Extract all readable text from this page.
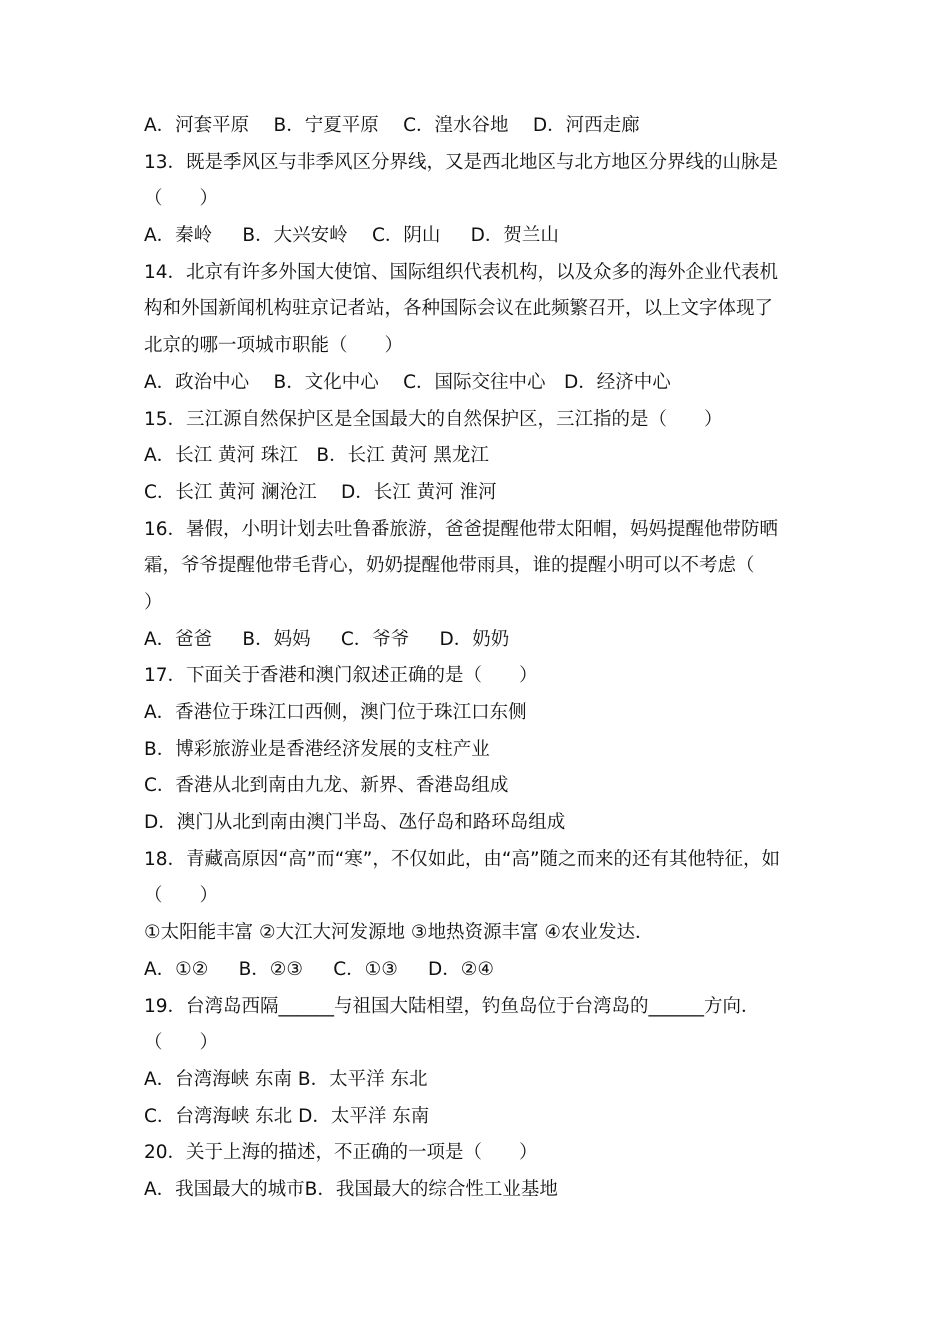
A．河套平原　 B．宁夏平原　 C．湟水谷地　 D．河西走廊
13．既是季风区与非季风区分界线，又是西北地区与北方地区分界线的山脉是
（　　）
A．秦岭　  B．大兴安岭　 C．阴山　  D．贺兰山
14．北京有许多外国大使馆、国际组织代表机构，以及众多的海外企业代表机
构和外国新闻机构驻京记者站，各种国际会议在此频繁召开，以上文字体现了
北京的哪一项城市职能（　　）
A．政治中心　 B．文化中心　 C．国际交往中心　D．经济中心
15．三江源自然保护区是全国最大的自然保护区，三江指的是（　　）
A．长江 黄河 珠江　B．长江 黄河 黑龙江
C．长江 黄河 澜沧江　 D．长江 黄河 淮河
16．暑假，小明计划去吐鲁番旅游，爸爸提醒他带太阳帽，妈妈提醒他带防晒
霜，爷爷提醒他带毛背心，奶奶提醒他带雨具，谁的提醒小明可以不考虑（
）
A．爸爸　  B．妈妈　  C．爷爷　  D．奶奶
17．下面关于香港和澳门叙述正确的是（　　）
A．香港位于珠江口西侧，澳门位于珠江口东侧
B．博彩旅游业是香港经济发展的支柱产业
C．香港从北到南由九龙、新界、香港岛组成
D．澳门从北到南由澳门半岛、氹仔岛和路环岛组成
18．青藏高原因“高”而“寒”，不仅如此，由“高”随之而来的还有其他特征，如
（　　）
①太阳能丰富 ②大江大河发源地 ③地热资源丰富 ④农业发达．
A．①②　  B．②③　  C．①③　  D．②④
19．台湾岛西隔______与祖国大陆相望，钓鱼岛位于台湾岛的______方向．
（　　）
A．台湾海峡 东南 B．太平洋 东北
C．台湾海峡 东北 D．太平洋 东南
20．关于上海的描述，不正确的一项是（　　）
A．我国最大的城市B．我国最大的综合性工业基地
